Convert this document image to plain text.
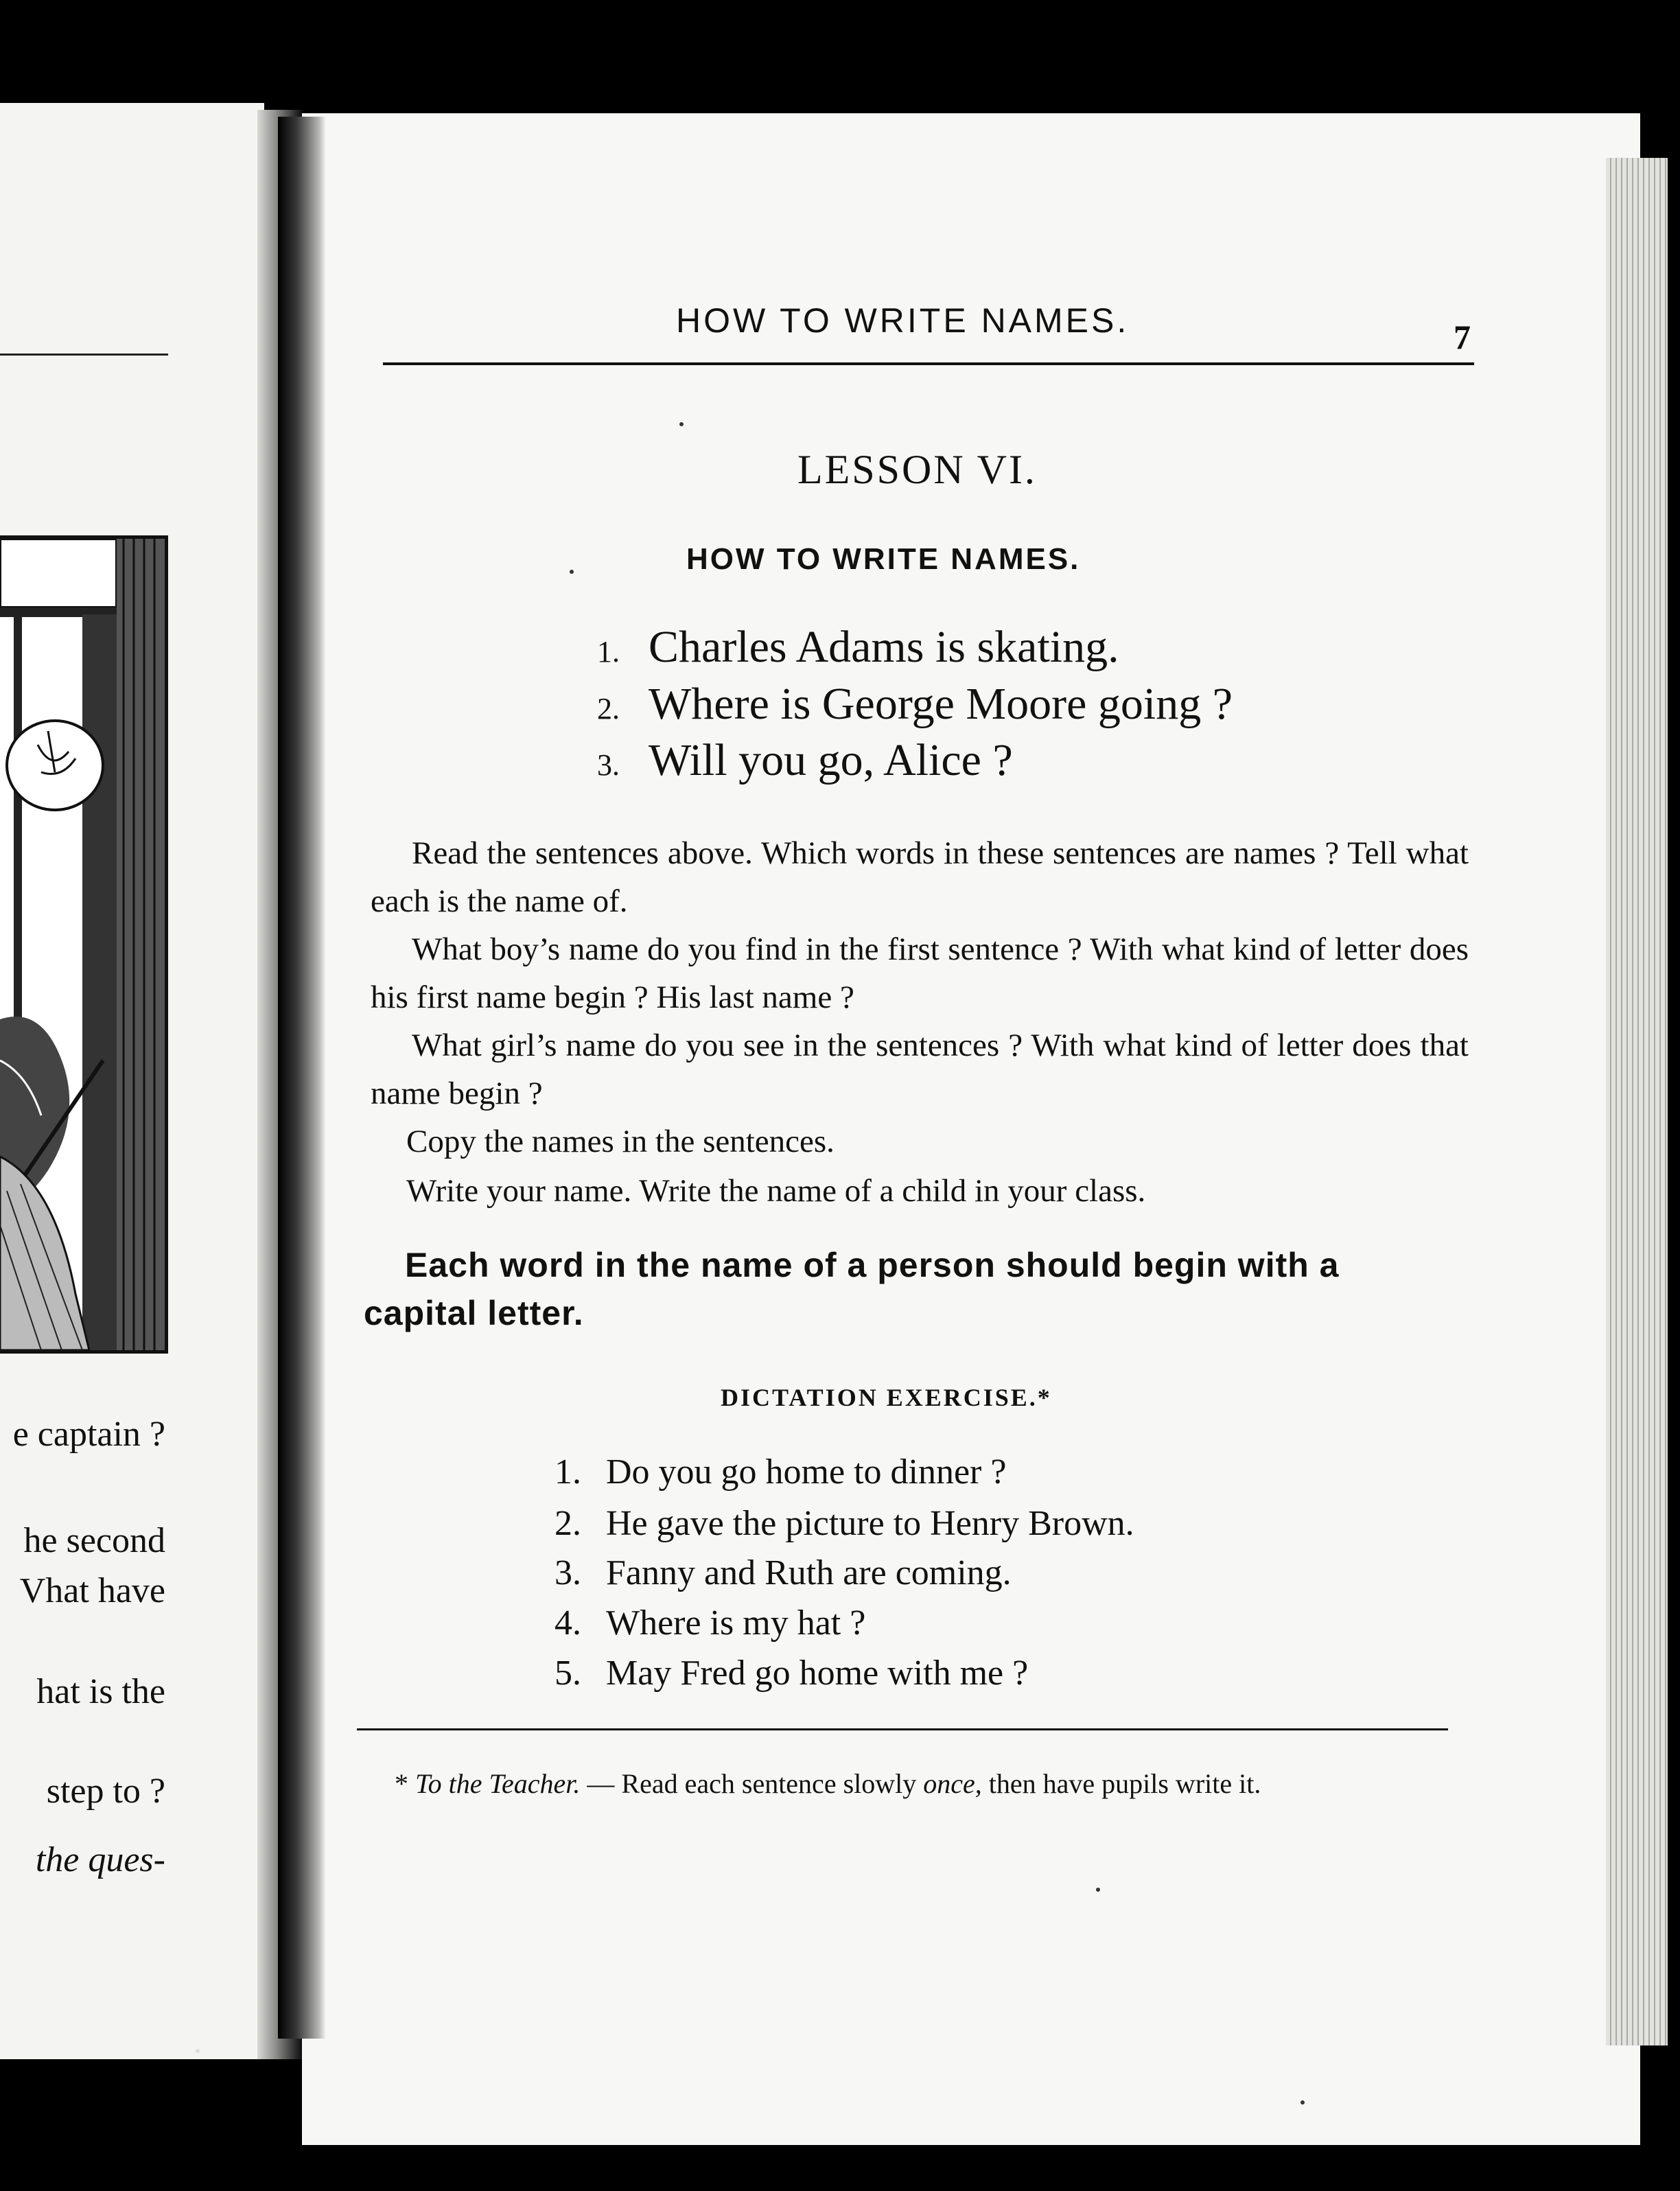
e captain ?
he second
Vhat have
hat is the
step to ?
the ques-
HOW TO WRITE NAMES.	7
LESSON VI.
HOW TO WRITE NAMES.
1. Charles Adams is skating.
2. Where is George Moore going ?
3. Will you go, Alice ?
Read the sentences above. Which words in these sentences are names ? Tell what each is the name of.
What boy’s name do you find in the first sentence ? With what kind of letter does his first name begin ? His last name ?
What girl’s name do you see in the sentences ? With what kind of letter does that name begin ?
Copy the names in the sentences.
Write your name. Write the name of a child in your class.
Each word in the name of a person should begin with a capital letter.
DICTATION EXERCISE.*
1. Do you go home to dinner ?
2. He gave the picture to Henry Brown.
3. Fanny and Ruth are coming.
4. Where is my hat ?
5. May Fred go home with me ?
* To the Teacher. — Read each sentence slowly once, then have pupils write it.
